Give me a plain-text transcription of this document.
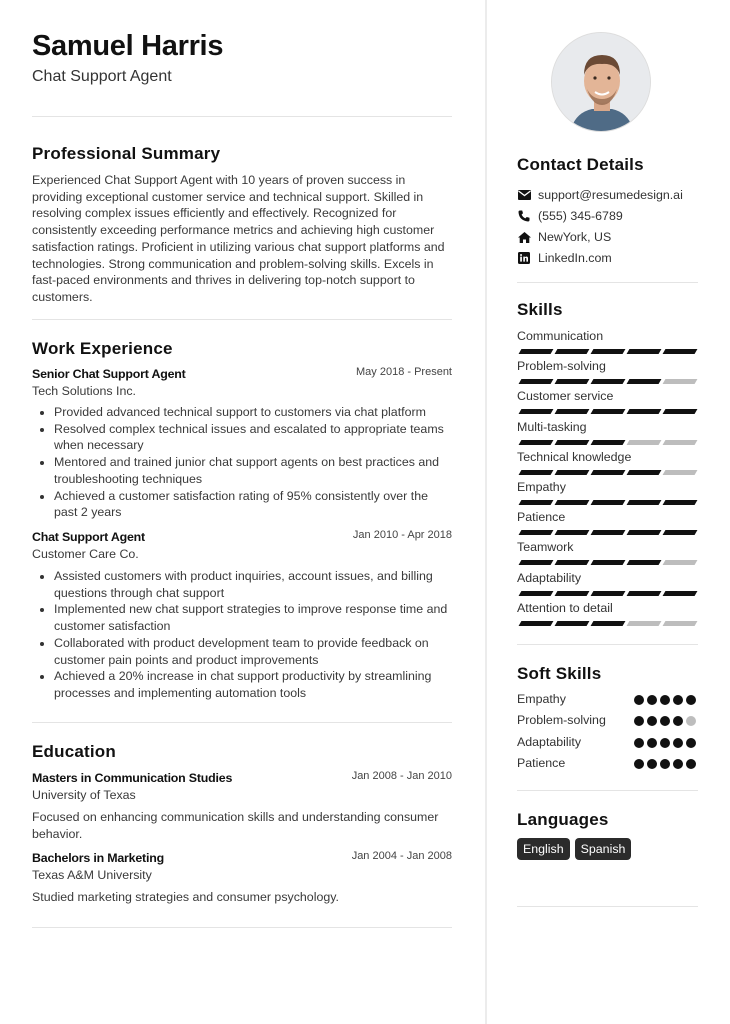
Samuel Harris
Chat Support Agent
Professional Summary
Experienced Chat Support Agent with 10 years of proven success in providing exceptional customer service and technical support. Skilled in resolving complex issues efficiently and effectively. Recognized for consistently exceeding performance metrics and achieving high customer satisfaction ratings. Proficient in utilizing various chat support platforms and technologies. Strong communication and problem-solving skills. Excels in fast-paced environments and thrives in delivering top-notch support to customers.
Work Experience
Senior Chat Support Agent	May 2018 - Present
Tech Solutions Inc.
Provided advanced technical support to customers via chat platform
Resolved complex technical issues and escalated to appropriate teams when necessary
Mentored and trained junior chat support agents on best practices and troubleshooting techniques
Achieved a customer satisfaction rating of 95% consistently over the past 2 years
Chat Support Agent	Jan 2010 - Apr 2018
Customer Care Co.
Assisted customers with product inquiries, account issues, and billing questions through chat support
Implemented new chat support strategies to improve response time and customer satisfaction
Collaborated with product development team to provide feedback on customer pain points and product improvements
Achieved a 20% increase in chat support productivity by streamlining processes and implementing automation tools
Education
Masters in Communication Studies	Jan 2008 - Jan 2010
University of Texas
Focused on enhancing communication skills and understanding consumer behavior.
Bachelors in Marketing	Jan 2004 - Jan 2008
Texas A&M University
Studied marketing strategies and consumer psychology.
Contact Details
support@resumedesign.ai
(555) 345-6789
NewYork, US
LinkedIn.com
Skills
Communication
Problem-solving
Customer service
Multi-tasking
Technical knowledge
Empathy
Patience
Teamwork
Adaptability
Attention to detail
Soft Skills
Empathy
Problem-solving
Adaptability
Patience
Languages
English	Spanish
